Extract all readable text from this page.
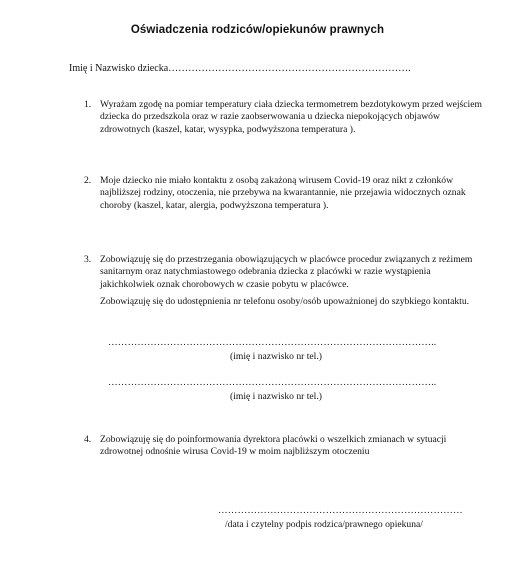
Oświadczenia rodziców/opiekunów prawnych
Imię i Nazwisko dziecka……………………………………………………………….
1. Wyrażam zgodę na pomiar temperatury ciała dziecka termometrem bezdotykowym przed wejściem dziecka do przedszkola oraz w razie zaobserwowania u dziecka niepokojących objawów zdrowotnych (kaszel, katar, wysypka, podwyższona temperatura ).

2. Moje dziecko nie miało kontaktu z osobą zakażoną wirusem Covid-19 oraz nikt z członków najbliższej rodziny, otoczenia, nie przebywa na kwarantannie, nie przejawia widocznych oznak choroby (kaszel, katar, alergia, podwyższona temperatura ).

3. Zobowiązuję się do przestrzegania obowiązujących w placówce procedur związanych z reżimem sanitarnym oraz natychmiastowego odebrania dziecka z placówki w razie wystąpienia jakichkolwiek oznak chorobowych w czasie pobytu w placówce.

Zobowiązuję się do udostępnienia nr telefonu osoby/osób upoważnionej do szybkiego kontaktu.

………………………………………………………………………………………..
(imię i nazwisko nr tel.)
………………………………………………………………………………………..
(imię i nazwisko nr tel.)
4. Zobowiązuję się do poinformowania dyrektora placówki o wszelkich zmianach w sytuacji zdrowotnej odnośnie wirusa Covid-19 w moim najbliższym otoczeniu

…………………………………………………………………
/data i czytelny podpis rodzica/prawnego opiekuna/
